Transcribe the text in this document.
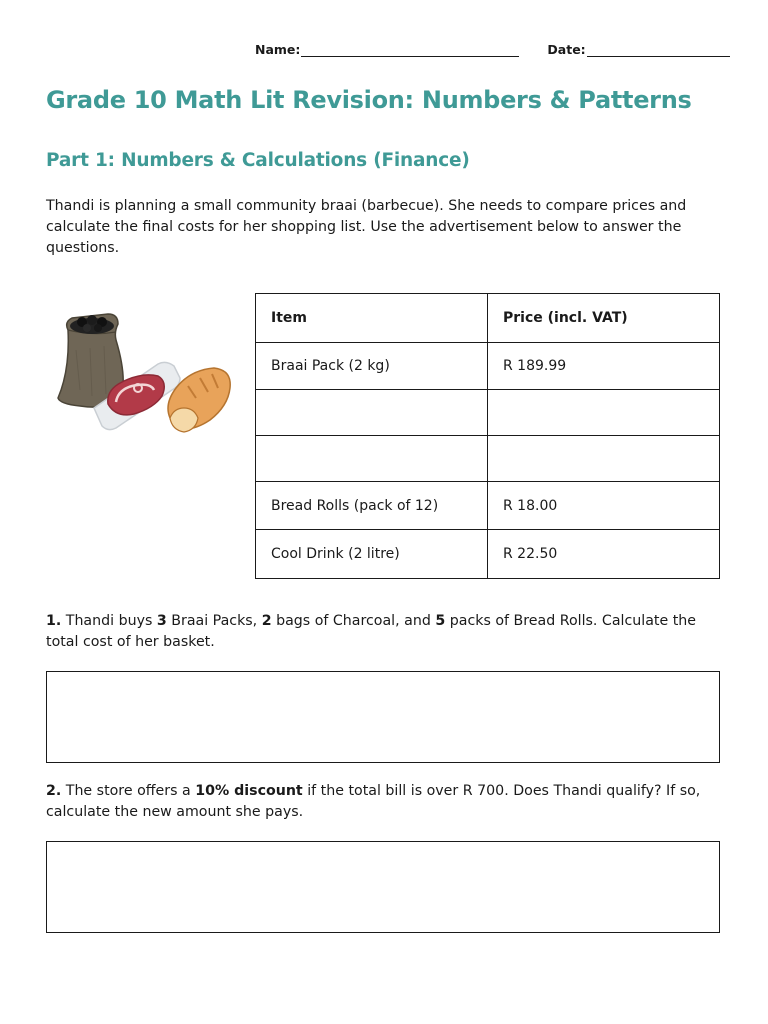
Name:	Date:
Grade 10 Math Lit Revision: Numbers & Patterns
Part 1: Numbers & Calculations (Finance)

Thandi is planning a small community braai (barbecue). She needs to compare prices and calculate the final costs for her shopping list. Use the advertisement below to answer the questions.

Item	Price (incl. VAT)
Braai Pack (2 kg)	R 189.99

Bread Rolls (pack of 12)	R 18.00
Cool Drink (2 litre)	R 22.50

1. Thandi buys 3 Braai Packs, 2 bags of Charcoal, and 5 packs of Bread Rolls. Calculate the total cost of her basket.

2. The store offers a 10% discount if the total bill is over R 700. Does Thandi qualify? If so, calculate the new amount she pays.
